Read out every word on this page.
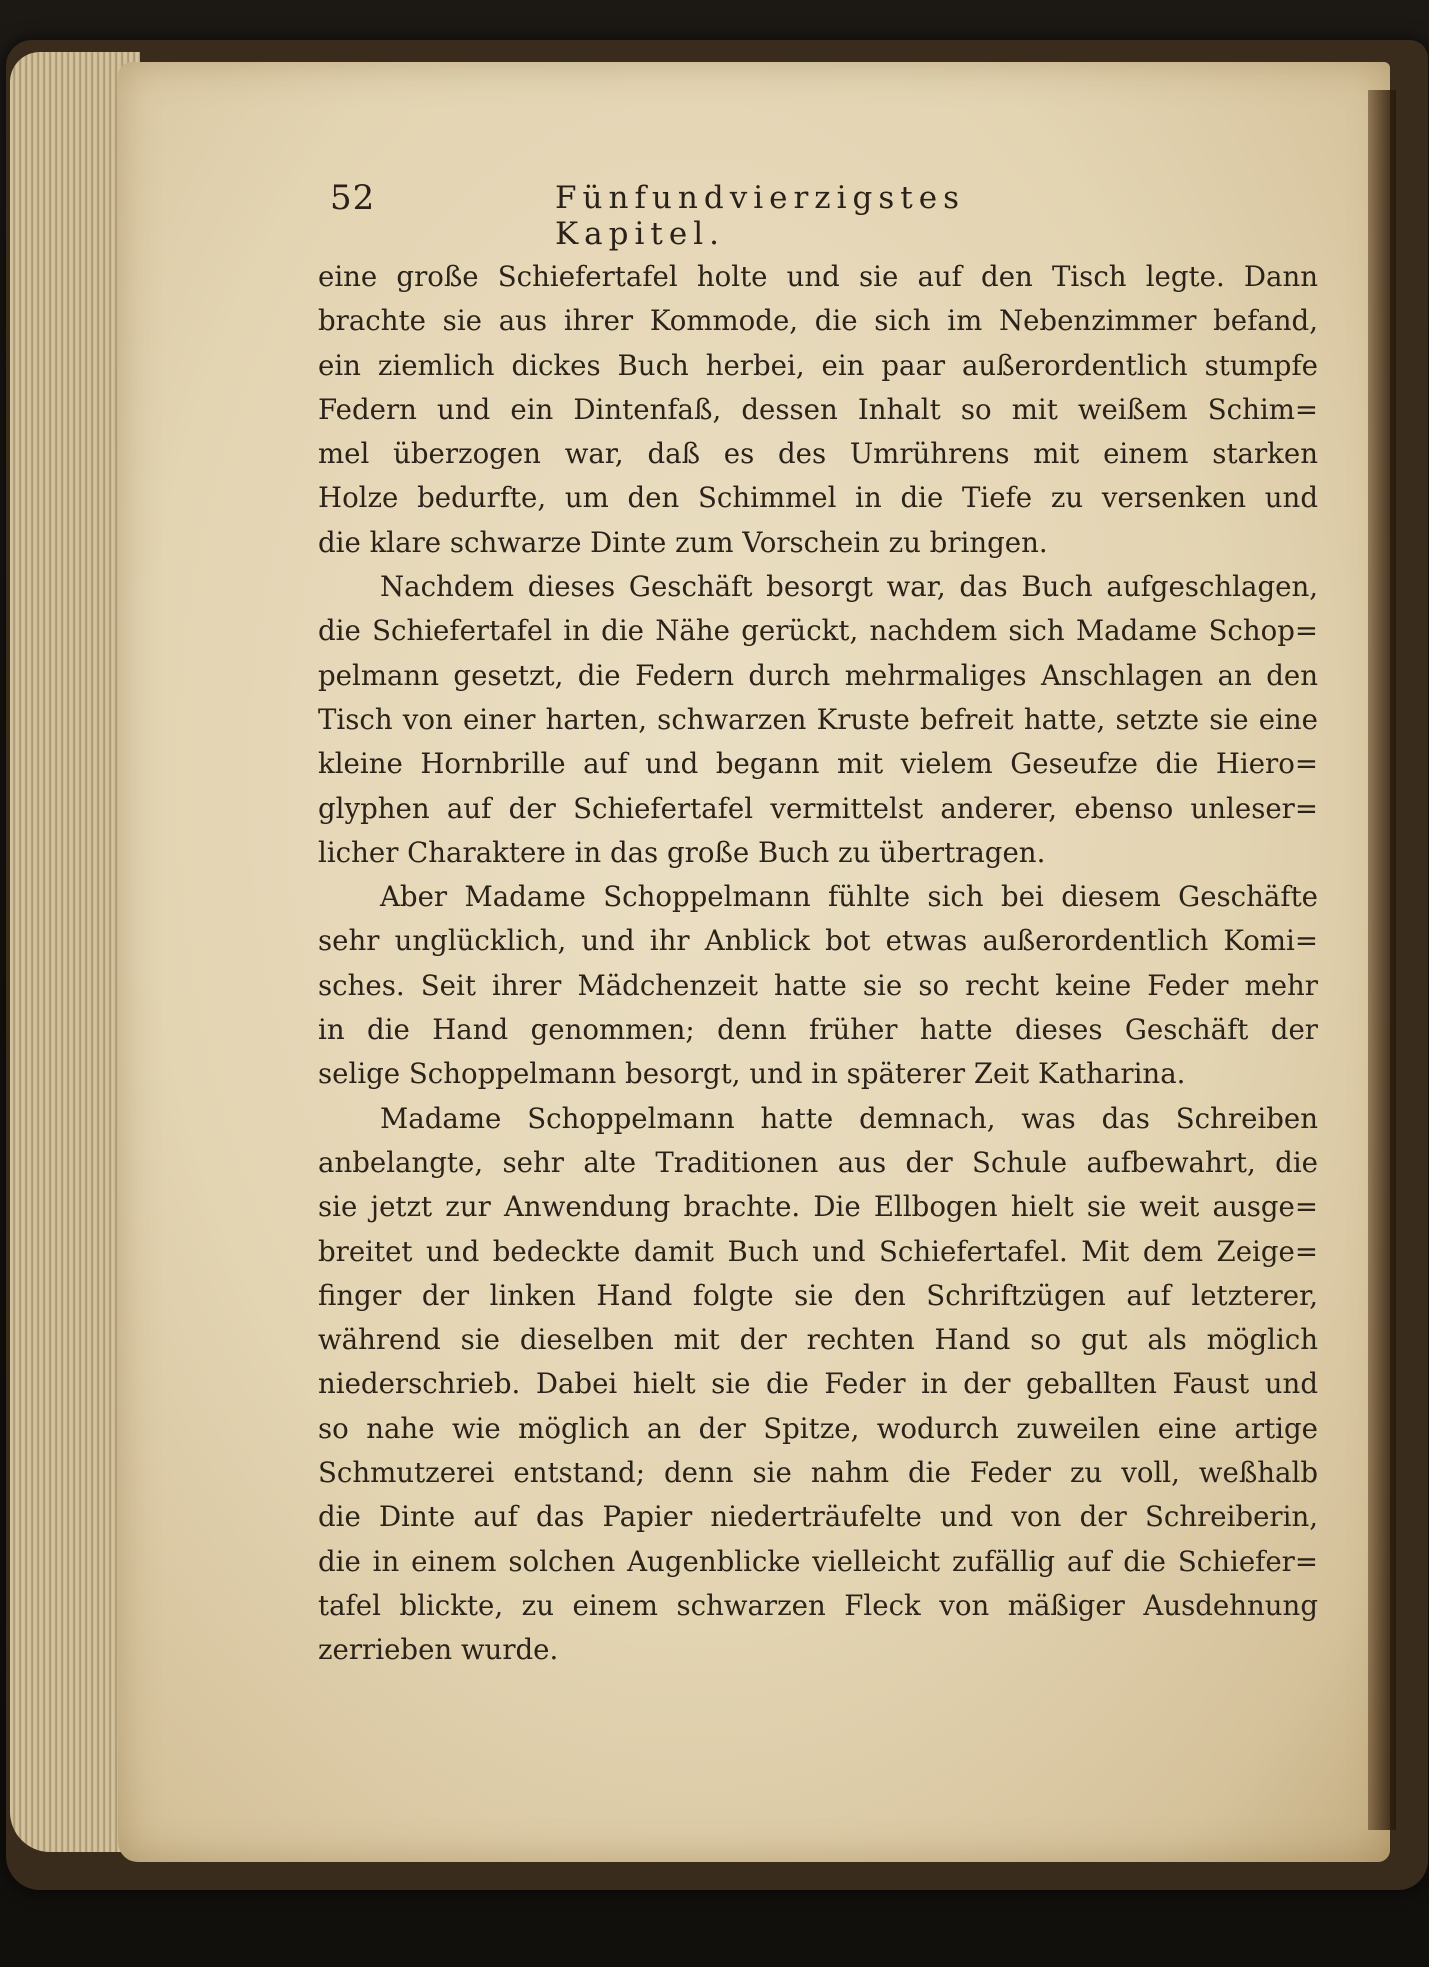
52	Fünfundvierzigstes Kapitel.
eine große Schiefertafel holte und sie auf den Tisch legte. Dann
brachte sie aus ihrer Kommode, die sich im Nebenzimmer befand,
ein ziemlich dickes Buch herbei, ein paar außerordentlich stumpfe
Federn und ein Dintenfaß, dessen Inhalt so mit weißem Schim=
mel überzogen war, daß es des Umrührens mit einem starken
Holze bedurfte, um den Schimmel in die Tiefe zu versenken und
die klare schwarze Dinte zum Vorschein zu bringen.
Nachdem dieses Geschäft besorgt war, das Buch aufgeschlagen,
die Schiefertafel in die Nähe gerückt, nachdem sich Madame Schop=
pelmann gesetzt, die Federn durch mehrmaliges Anschlagen an den
Tisch von einer harten, schwarzen Kruste befreit hatte, setzte sie eine
kleine Hornbrille auf und begann mit vielem Geseufze die Hiero=
glyphen auf der Schiefertafel vermittelst anderer, ebenso unleser=
licher Charaktere in das große Buch zu übertragen.
Aber Madame Schoppelmann fühlte sich bei diesem Geschäfte
sehr unglücklich, und ihr Anblick bot etwas außerordentlich Komi=
sches. Seit ihrer Mädchenzeit hatte sie so recht keine Feder mehr
in die Hand genommen; denn früher hatte dieses Geschäft der
selige Schoppelmann besorgt, und in späterer Zeit Katharina.
Madame Schoppelmann hatte demnach, was das Schreiben
anbelangte, sehr alte Traditionen aus der Schule aufbewahrt, die
sie jetzt zur Anwendung brachte. Die Ellbogen hielt sie weit ausge=
breitet und bedeckte damit Buch und Schiefertafel. Mit dem Zeige=
finger der linken Hand folgte sie den Schriftzügen auf letzterer,
während sie dieselben mit der rechten Hand so gut als möglich
niederschrieb. Dabei hielt sie die Feder in der geballten Faust und
so nahe wie möglich an der Spitze, wodurch zuweilen eine artige
Schmutzerei entstand; denn sie nahm die Feder zu voll, weßhalb
die Dinte auf das Papier niederträufelte und von der Schreiberin,
die in einem solchen Augenblicke vielleicht zufällig auf die Schiefer=
tafel blickte, zu einem schwarzen Fleck von mäßiger Ausdehnung
zerrieben wurde.
